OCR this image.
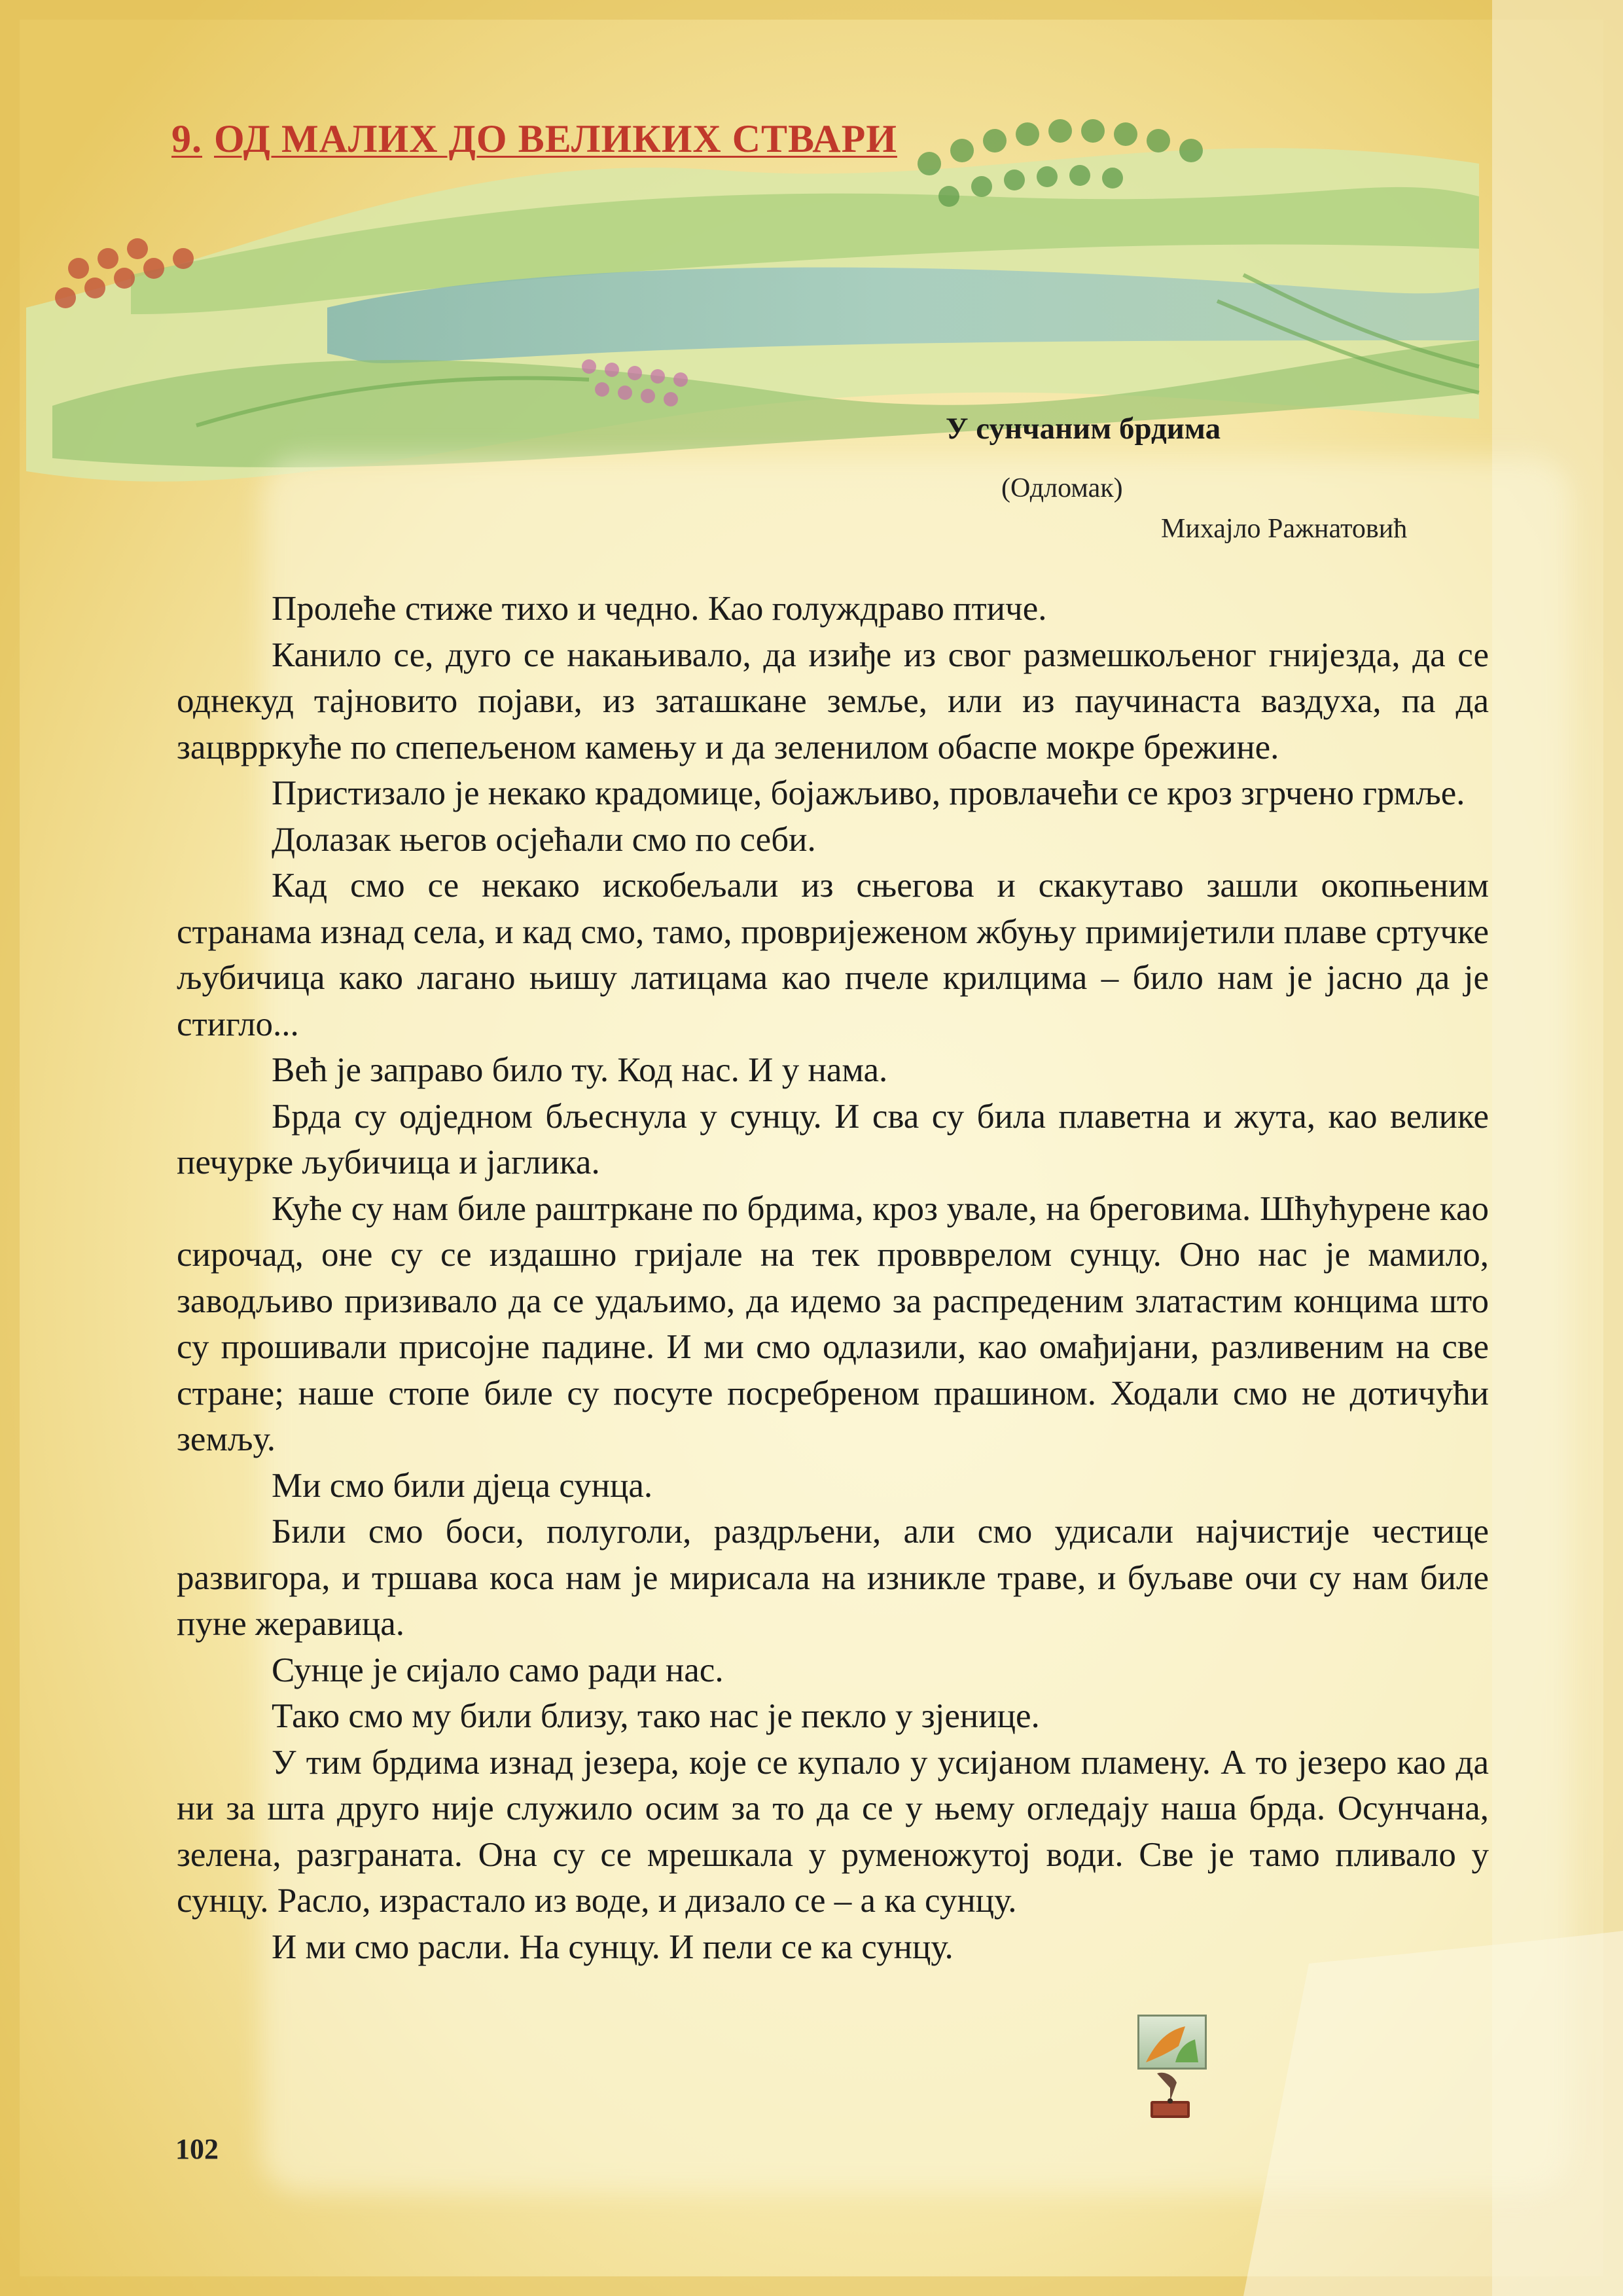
9. ОД МАЛИХ ДО ВЕЛИКИХ СТВАРИ
У сунчаним брдима
(Одломак)
Михајло Ражнатовић

Пролеће стиже тихо и чедно. Као голуждраво птиче.

Канило се, дуго се накањивало, да изиђе из свог размешкољеног гнијезда, да се однекуд тајновито појави, из заташкане земље, или из паучинаста ваздуха, па да зацврркуће по спепељеном камењу и да зеленилом обаспе мокре брежине.

Пристизало је некако крадомице, бојажљиво, провлачећи се кроз згрчено грмље.

Долазак његов осјећали смо по себи.

Кад смо се некако искобељали из сњегова и скакутаво зашли окопњеним странама изнад села, и кад смо, тамо, провријеженом жбуњу примијетили плаве сртучке љубичица како лагано њишу латицама као пчеле крилцима – било нам је јасно да је стигло...

Већ је заправо било ту. Код нас. И у нама.

Брда су одједном бљеснула у сунцу. И сва су била плаветна и жута, као велике печурке љубичица и јаглика.

Куће су нам биле раштркане по брдима, кроз увале, на бреговима. Шћућурене као сирочад, оне су се издашно гријале на тек провврелом сунцу. Оно нас је мамило, заводљиво призивало да се удаљимо, да идемо за распреденим златастим концима што су прошивали присојне падине. И ми смо одлазили, као омађијани, разливеним на све стране; наше стопе биле су посуте посребреном прашином. Ходали смо не дотичући земљу.

Ми смо били дјеца сунца.

Били смо боси, полуголи, раздрљени, али смо удисали најчистије честице развигора, и тршава коса нам је мирисала на изникле траве, и буљаве очи су нам биле пуне жеравица.

Сунце је сијало само ради нас.

Тако смо му били близу, тако нас је пекло у зјенице.

У тим брдима изнад језера, које се купало у усијаном пламену. А то језеро као да ни за шта друго није служило осим за то да се у њему огледају наша брда. Осунчана, зелена, разграната. Она су се мрешкала у руменожутој води. Све је тамо пливало у сунцу. Расло, израстало из воде, и дизало се – а ка сунцу.

И ми смо расли. На сунцу. И пели се ка сунцу.

102
